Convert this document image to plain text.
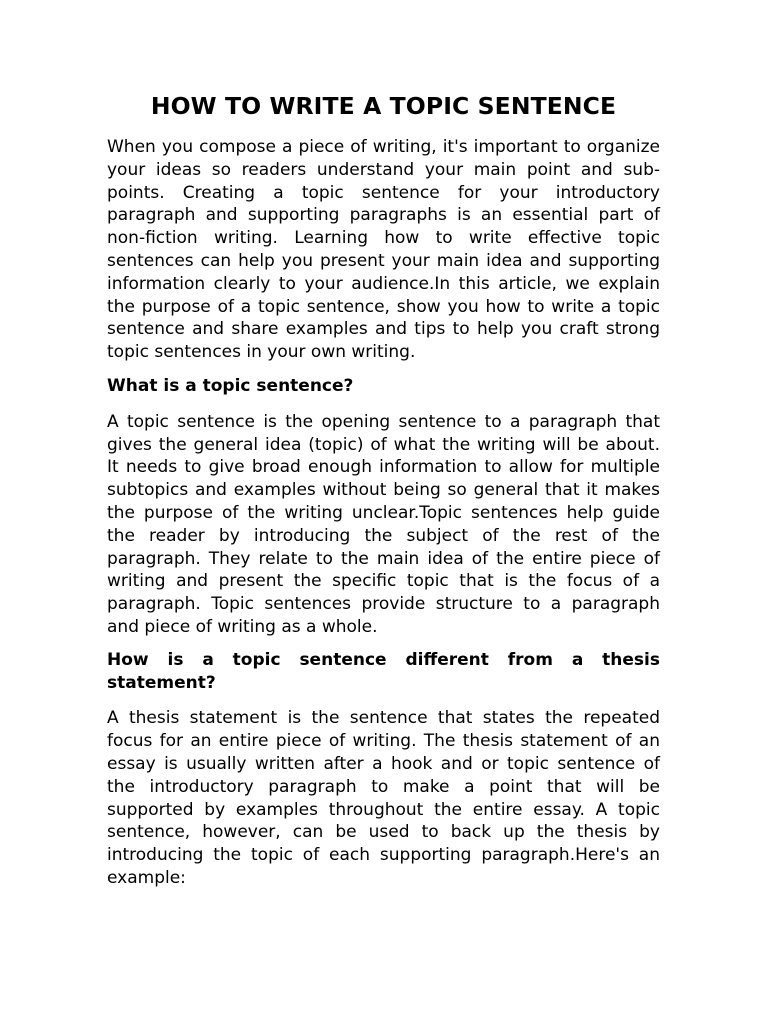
HOW TO WRITE A TOPIC SENTENCE

When you compose a piece of writing, it's important to organize your ideas so readers understand your main point and sub-points. Creating a topic sentence for your introductory paragraph and supporting paragraphs is an essential part of non-fiction writing. Learning how to write effective topic sentences can help you present your main idea and supporting information clearly to your audience.In this article, we explain the purpose of a topic sentence, show you how to write a topic sentence and share examples and tips to help you craft strong topic sentences in your own writing.

What is a topic sentence?

A topic sentence is the opening sentence to a paragraph that gives the general idea (topic) of what the writing will be about. It needs to give broad enough information to allow for multiple subtopics and examples without being so general that it makes the purpose of the writing unclear.Topic sentences help guide the reader by introducing the subject of the rest of the paragraph. They relate to the main idea of the entire piece of writing and present the specific topic that is the focus of a paragraph. Topic sentences provide structure to a paragraph and piece of writing as a whole.

How is a topic sentence different from a thesis statement?

A thesis statement is the sentence that states the repeated focus for an entire piece of writing. The thesis statement of an essay is usually written after a hook and or topic sentence of the introductory paragraph to make a point that will be supported by examples throughout the entire essay. A topic sentence, however, can be used to back up the thesis by introducing the topic of each supporting paragraph.Here's an example:
